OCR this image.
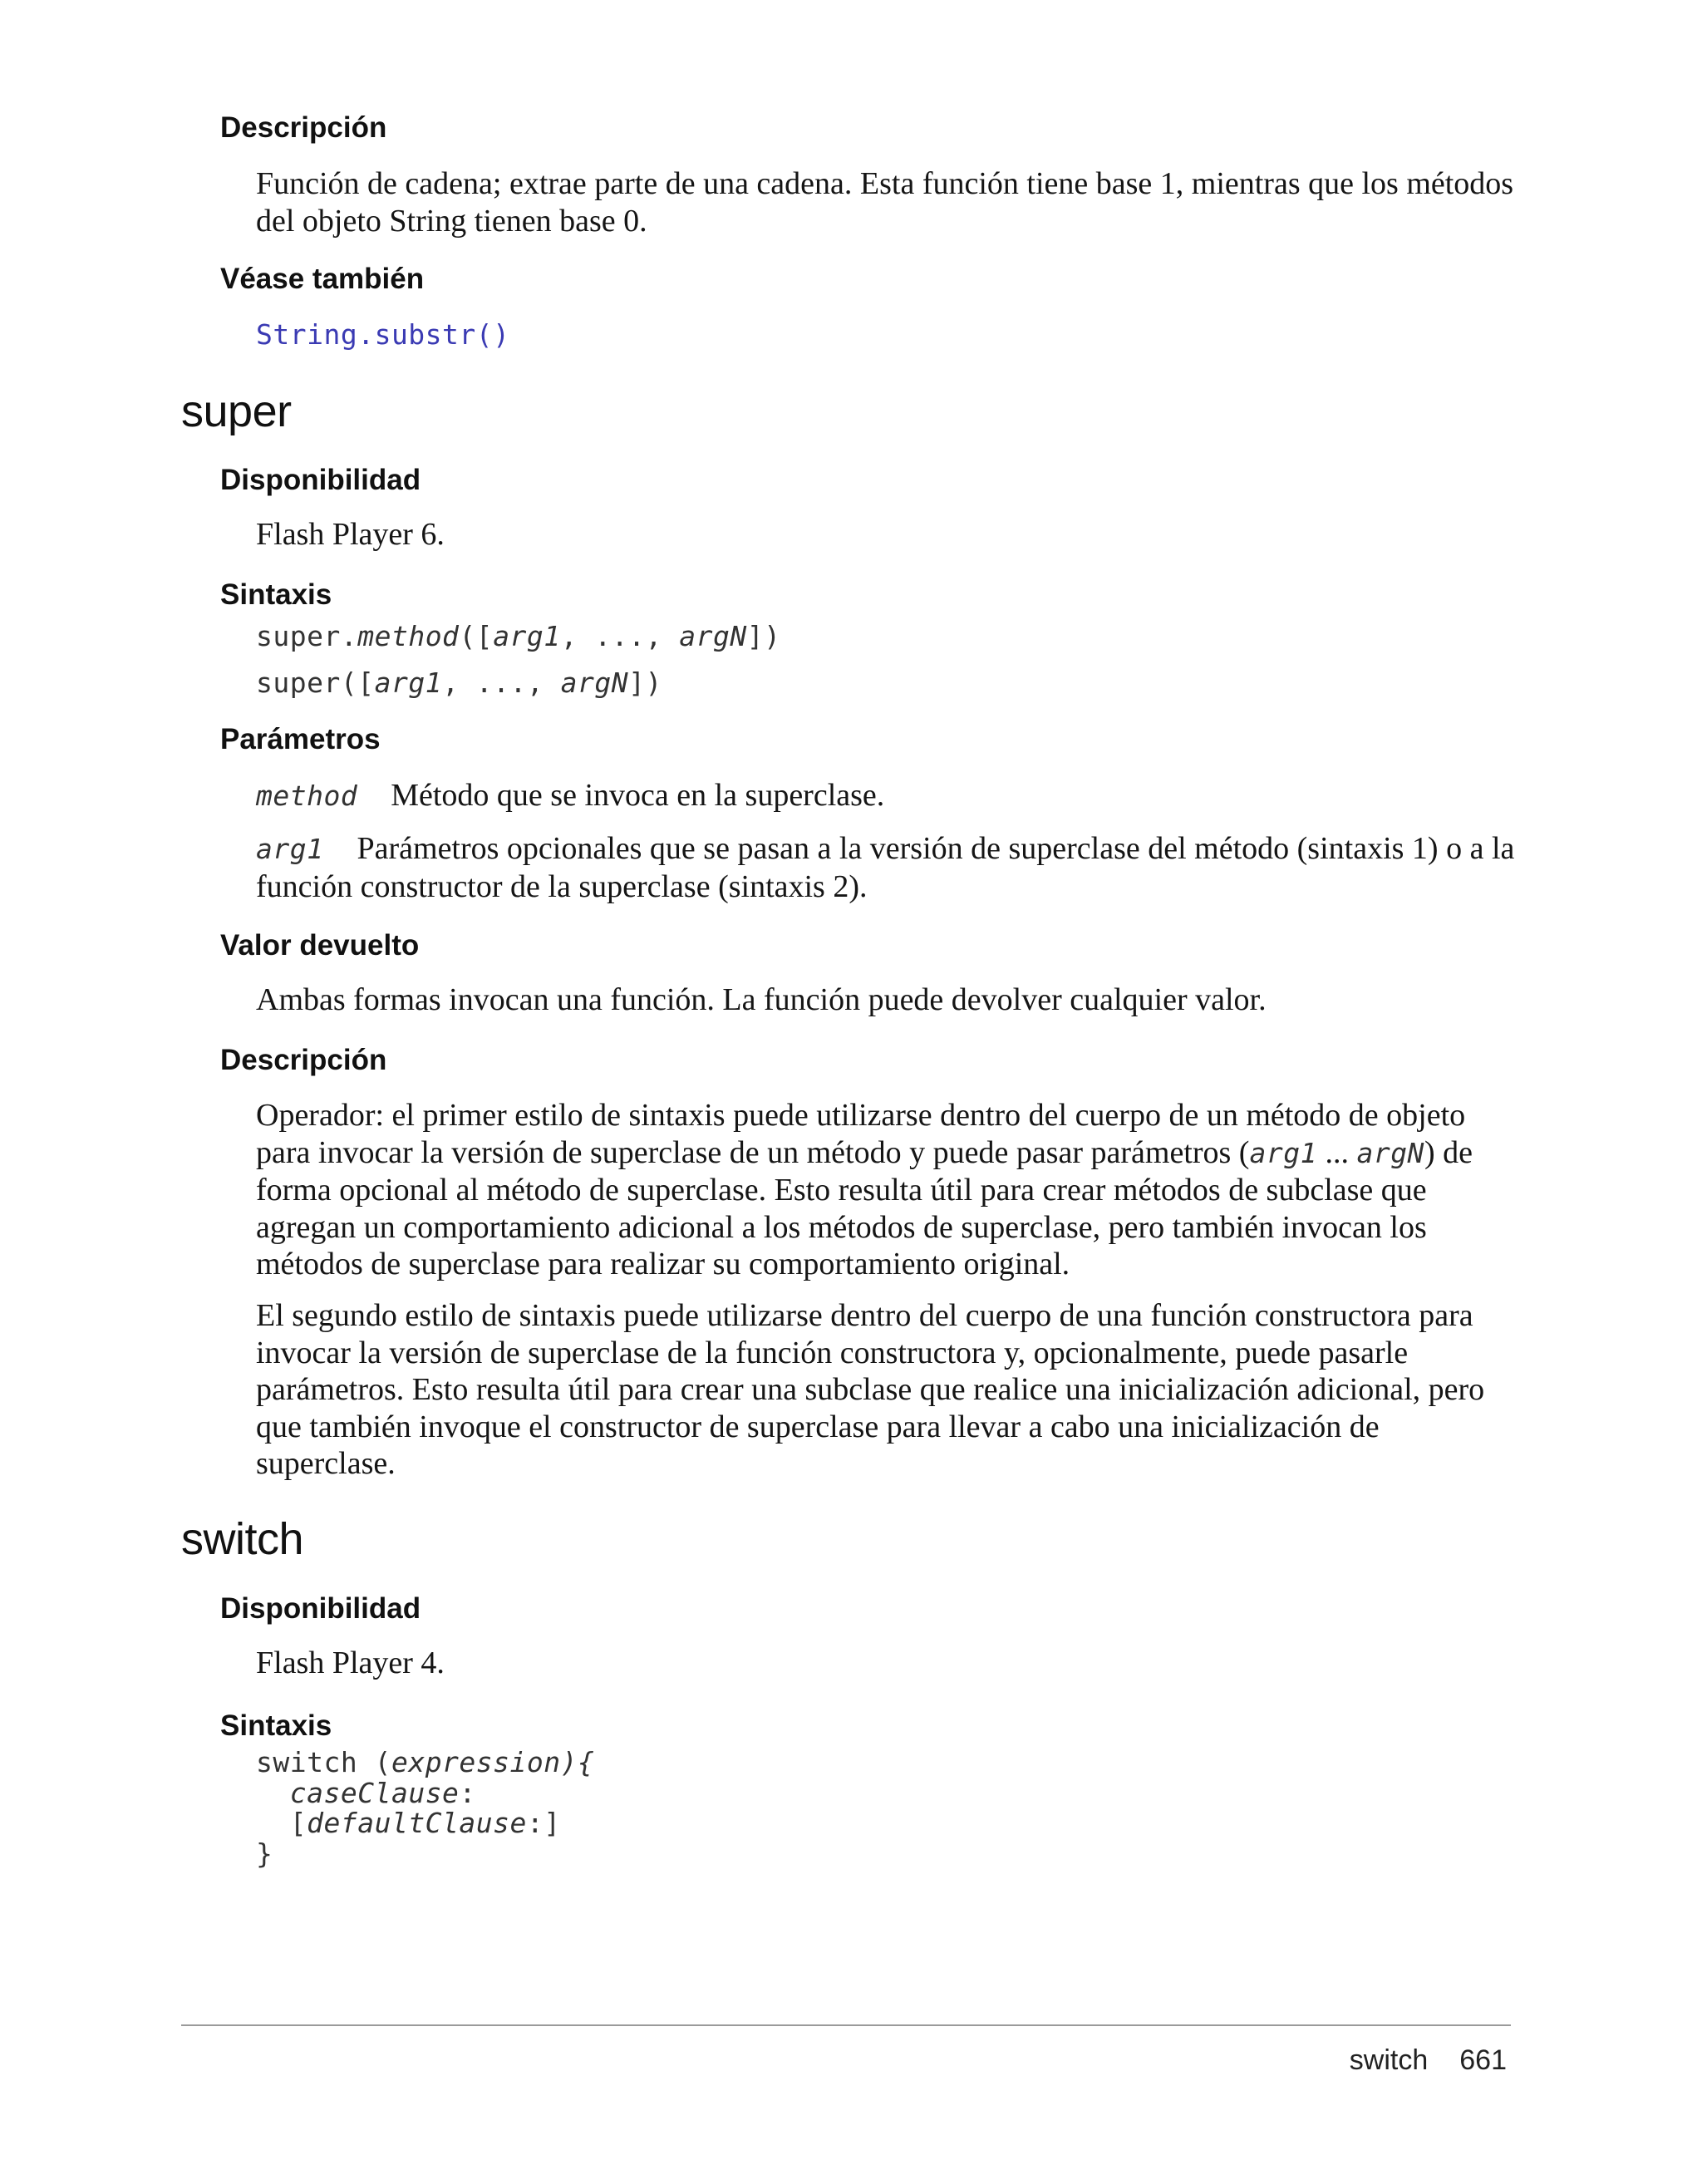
Descripción

Función de cadena; extrae parte de una cadena. Esta función tiene base 1, mientras que los métodos del objeto String tienen base 0.

Véase también
String.substr()
super
Disponibilidad

Flash Player 6.

Sintaxis
super.method([arg1, ..., argN])
super([arg1, ..., argN])
Parámetros

method Método que se invoca en la superclase.

arg1 Parámetros opcionales que se pasan a la versión de superclase del método (sintaxis 1) o a la función constructor de la superclase (sintaxis 2).

Valor devuelto

Ambas formas invocan una función. La función puede devolver cualquier valor.

Descripción

Operador: el primer estilo de sintaxis puede utilizarse dentro del cuerpo de un método de objeto para invocar la versión de superclase de un método y puede pasar parámetros (arg1 ... argN) de forma opcional al método de superclase. Esto resulta útil para crear métodos de subclase que agregan un comportamiento adicional a los métodos de superclase, pero también invocan los métodos de superclase para realizar su comportamiento original.

El segundo estilo de sintaxis puede utilizarse dentro del cuerpo de una función constructora para invocar la versión de superclase de la función constructora y, opcionalmente, puede pasarle parámetros. Esto resulta útil para crear una subclase que realice una inicialización adicional, pero que también invoque el constructor de superclase para llevar a cabo una inicialización de superclase.

switch
Disponibilidad

Flash Player 4.

Sintaxis
switch (expression){
caseClause:
[defaultClause:]
}
switch 661
